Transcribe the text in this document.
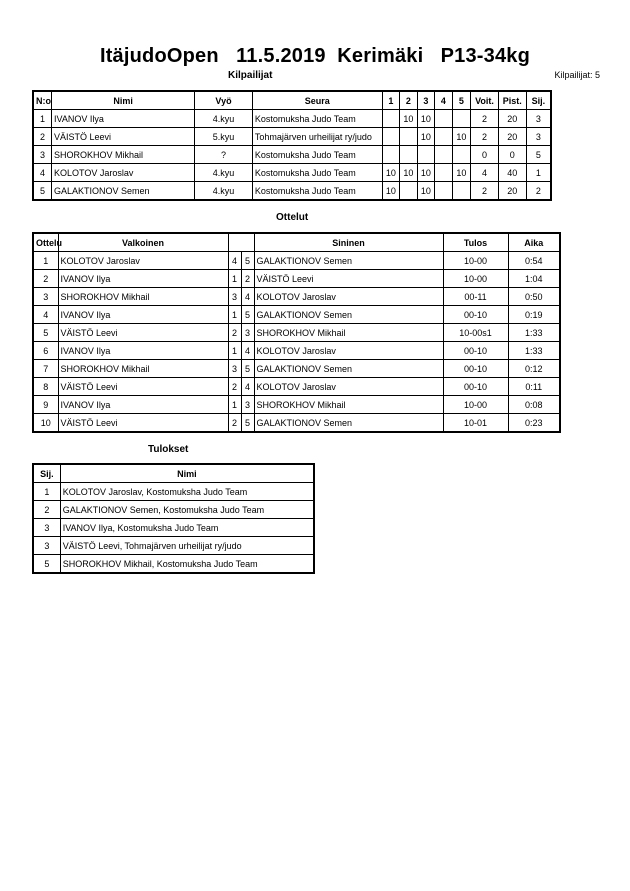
ItäjudoOpen   11.5.2019  Kerimäki   P13-34kg
Kilpailijat	Kilpailijat: 5
N:o	Nimi	Vyö	Seura	1	2	3	4	5	Voit.	Pist.	Sij.
1	IVANOV Ilya	4.kyu	Kostomuksha Judo Team		10	10			2	20	3
2	VÄISTÖ Leevi	5.kyu	Tohmajärven urheilijat ry/judo			10		10	2	20	3
3	SHOROKHOV Mikhail	?	Kostomuksha Judo Team						0	0	5
4	KOLOTOV Jaroslav	4.kyu	Kostomuksha Judo Team	10	10	10		10	4	40	1
5	GALAKTIONOV Semen	4.kyu	Kostomuksha Judo Team	10		10			2	20	2
Ottelut
Ottelu	Valkoinen			Sininen	Tulos	Aika
1	KOLOTOV Jaroslav	4	5	GALAKTIONOV Semen	10-00	0:54
2	IVANOV Ilya	1	2	VÄISTÖ Leevi	10-00	1:04
3	SHOROKHOV Mikhail	3	4	KOLOTOV Jaroslav	00-11	0:50
4	IVANOV Ilya	1	5	GALAKTIONOV Semen	00-10	0:19
5	VÄISTÖ Leevi	2	3	SHOROKHOV Mikhail	10-00s1	1:33
6	IVANOV Ilya	1	4	KOLOTOV Jaroslav	00-10	1:33
7	SHOROKHOV Mikhail	3	5	GALAKTIONOV Semen	00-10	0:12
8	VÄISTÖ Leevi	2	4	KOLOTOV Jaroslav	00-10	0:11
9	IVANOV Ilya	1	3	SHOROKHOV Mikhail	10-00	0:08
10	VÄISTÖ Leevi	2	5	GALAKTIONOV Semen	10-01	0:23
Tulokset
Sij.	Nimi
1	KOLOTOV Jaroslav, Kostomuksha Judo Team
2	GALAKTIONOV Semen, Kostomuksha Judo Team
3	IVANOV Ilya, Kostomuksha Judo Team
3	VÄISTÖ Leevi, Tohmajärven urheilijat ry/judo
5	SHOROKHOV Mikhail, Kostomuksha Judo Team
